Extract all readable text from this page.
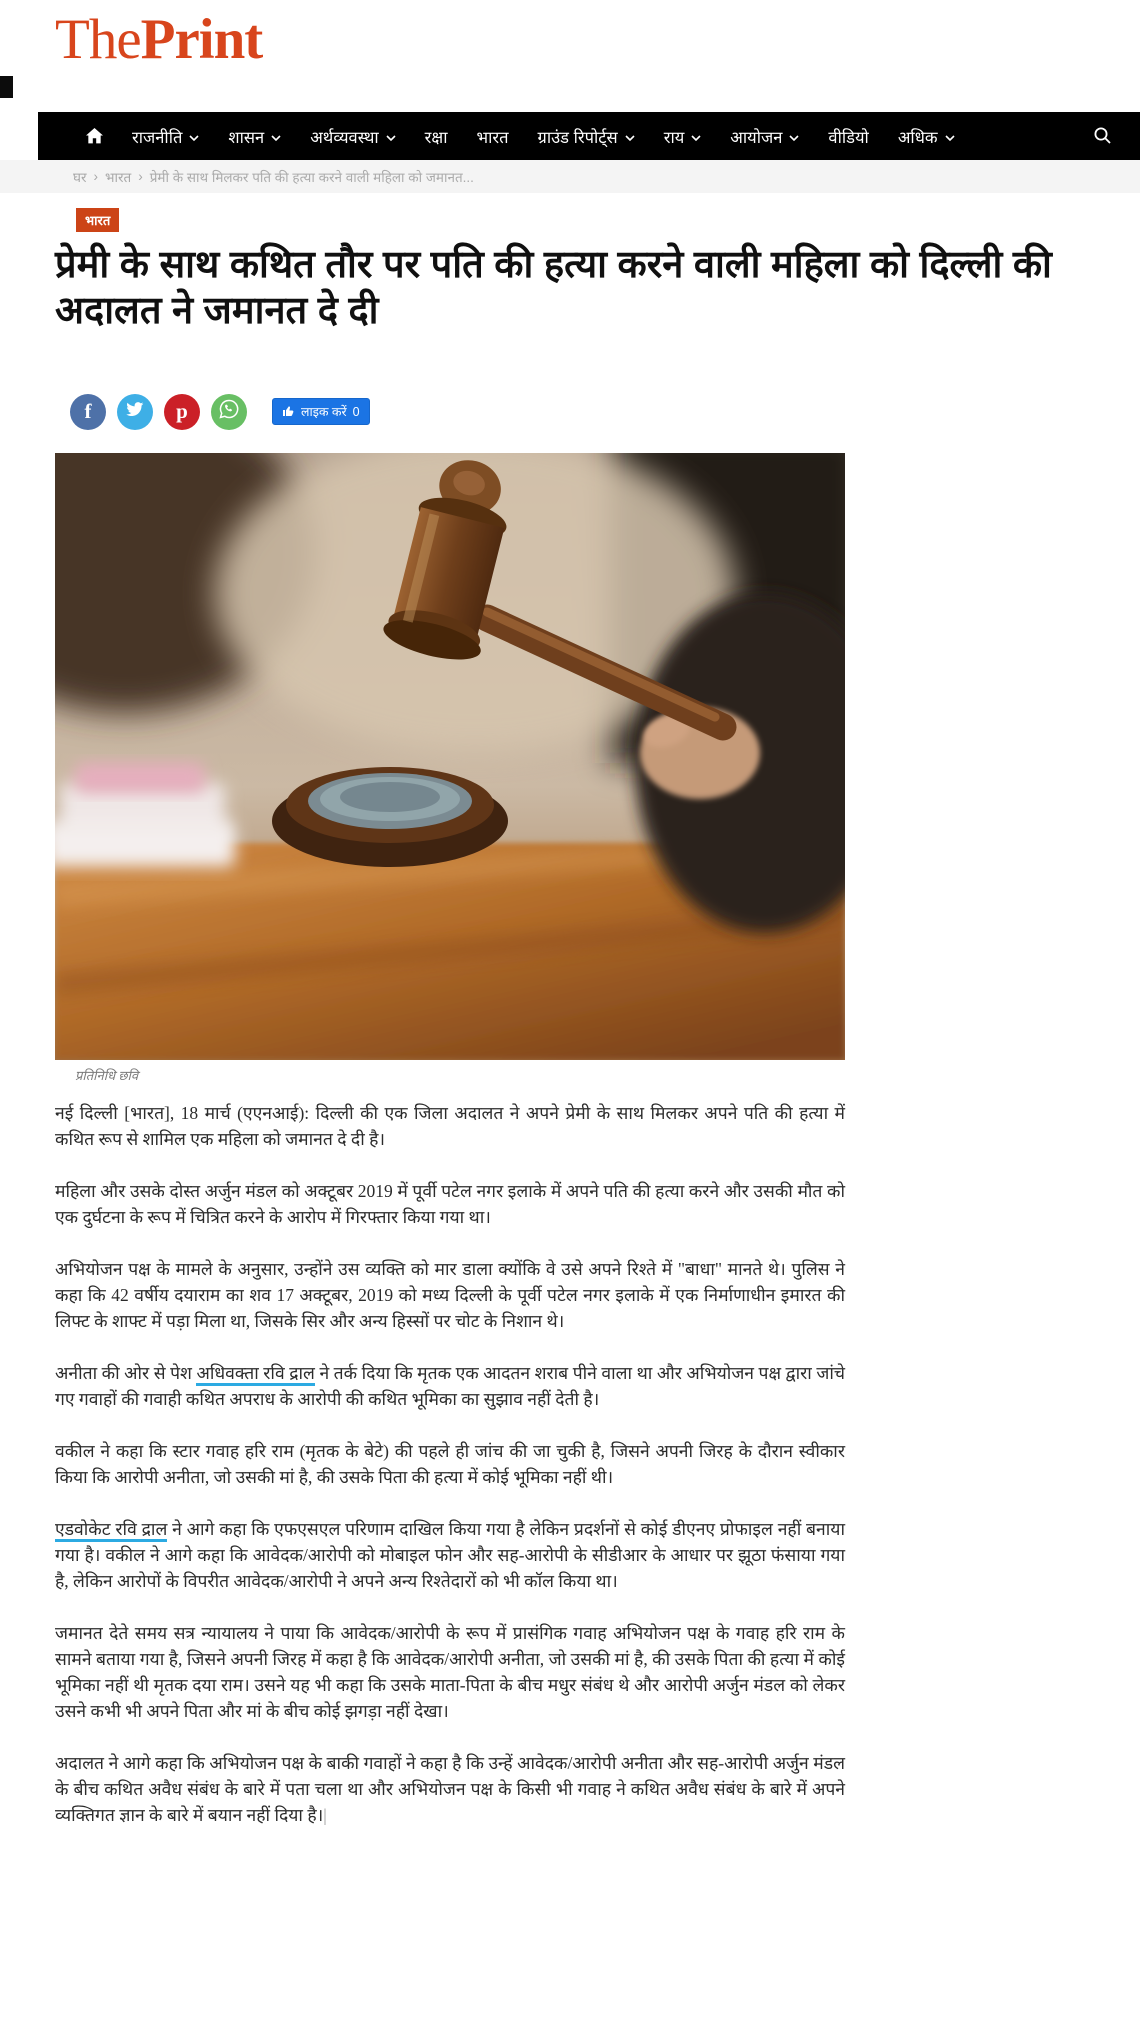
ThePrint
राजनीति	शासन	अर्थव्यवस्था	रक्षा भारत ग्राउंड रिपोर्ट्स	राय	आयोजन	वीडियो अधिक
घर › भारत › प्रेमी के साथ मिलकर पति की हत्या करने वाली महिला को जमानत...
भारत
प्रेमी के साथ कथित तौर पर पति की हत्या करने वाली महिला को दिल्ली की अदालत ने जमानत दे दी
f	p	लाइक करें 0
प्रतिनिधि छवि

नई दिल्ली [भारत], 18 मार्च (एएनआई): दिल्ली की एक जिला अदालत ने अपने प्रेमी के साथ मिलकर अपने पति की हत्या में कथित रूप से शामिल एक महिला को जमानत दे दी है।

महिला और उसके दोस्त अर्जुन मंडल को अक्टूबर 2019 में पूर्वी पटेल नगर इलाके में अपने पति की हत्या करने और उसकी मौत को एक दुर्घटना के रूप में चित्रित करने के आरोप में गिरफ्तार किया गया था।

अभियोजन पक्ष के मामले के अनुसार, उन्होंने उस व्यक्ति को मार डाला क्योंकि वे उसे अपने रिश्ते में "बाधा" मानते थे। पुलिस ने कहा कि 42 वर्षीय दयाराम का शव 17 अक्टूबर, 2019 को मध्य दिल्ली के पूर्वी पटेल नगर इलाके में एक निर्माणाधीन इमारत की लिफ्ट के शाफ्ट में पड़ा मिला था, जिसके सिर और अन्य हिस्सों पर चोट के निशान थे।

अनीता की ओर से पेश अधिवक्ता रवि द्राल ने तर्क दिया कि मृतक एक आदतन शराब पीने वाला था और अभियोजन पक्ष द्वारा जांचे गए गवाहों की गवाही कथित अपराध के आरोपी की कथित भूमिका का सुझाव नहीं देती है।

वकील ने कहा कि स्टार गवाह हरि राम (मृतक के बेटे) की पहले ही जांच की जा चुकी है, जिसने अपनी जिरह के दौरान स्वीकार किया कि आरोपी अनीता, जो उसकी मां है, की उसके पिता की हत्या में कोई भूमिका नहीं थी।

एडवोकेट रवि द्राल ने आगे कहा कि एफएसएल परिणाम दाखिल किया गया है लेकिन प्रदर्शनों से कोई डीएनए प्रोफाइल नहीं बनाया गया है। वकील ने आगे कहा कि आवेदक/आरोपी को मोबाइल फोन और सह-आरोपी के सीडीआर के आधार पर झूठा फंसाया गया है, लेकिन आरोपों के विपरीत आवेदक/आरोपी ने अपने अन्य रिश्तेदारों को भी कॉल किया था।

जमानत देते समय सत्र न्यायालय ने पाया कि आवेदक/आरोपी के रूप में प्रासंगिक गवाह अभियोजन पक्ष के गवाह हरि राम के सामने बताया गया है, जिसने अपनी जिरह में कहा है कि आवेदक/आरोपी अनीता, जो उसकी मां है, की उसके पिता की हत्या में कोई भूमिका नहीं थी मृतक दया राम। उसने यह भी कहा कि उसके माता-पिता के बीच मधुर संबंध थे और आरोपी अर्जुन मंडल को लेकर उसने कभी भी अपने पिता और मां के बीच कोई झगड़ा नहीं देखा।

अदालत ने आगे कहा कि अभियोजन पक्ष के बाकी गवाहों ने कहा है कि उन्हें आवेदक/आरोपी अनीता और सह-आरोपी अर्जुन मंडल के बीच कथित अवैध संबंध के बारे में पता चला था और अभियोजन पक्ष के किसी भी गवाह ने कथित अवैध संबंध के बारे में अपने व्यक्तिगत ज्ञान के बारे में बयान नहीं दिया है।|
